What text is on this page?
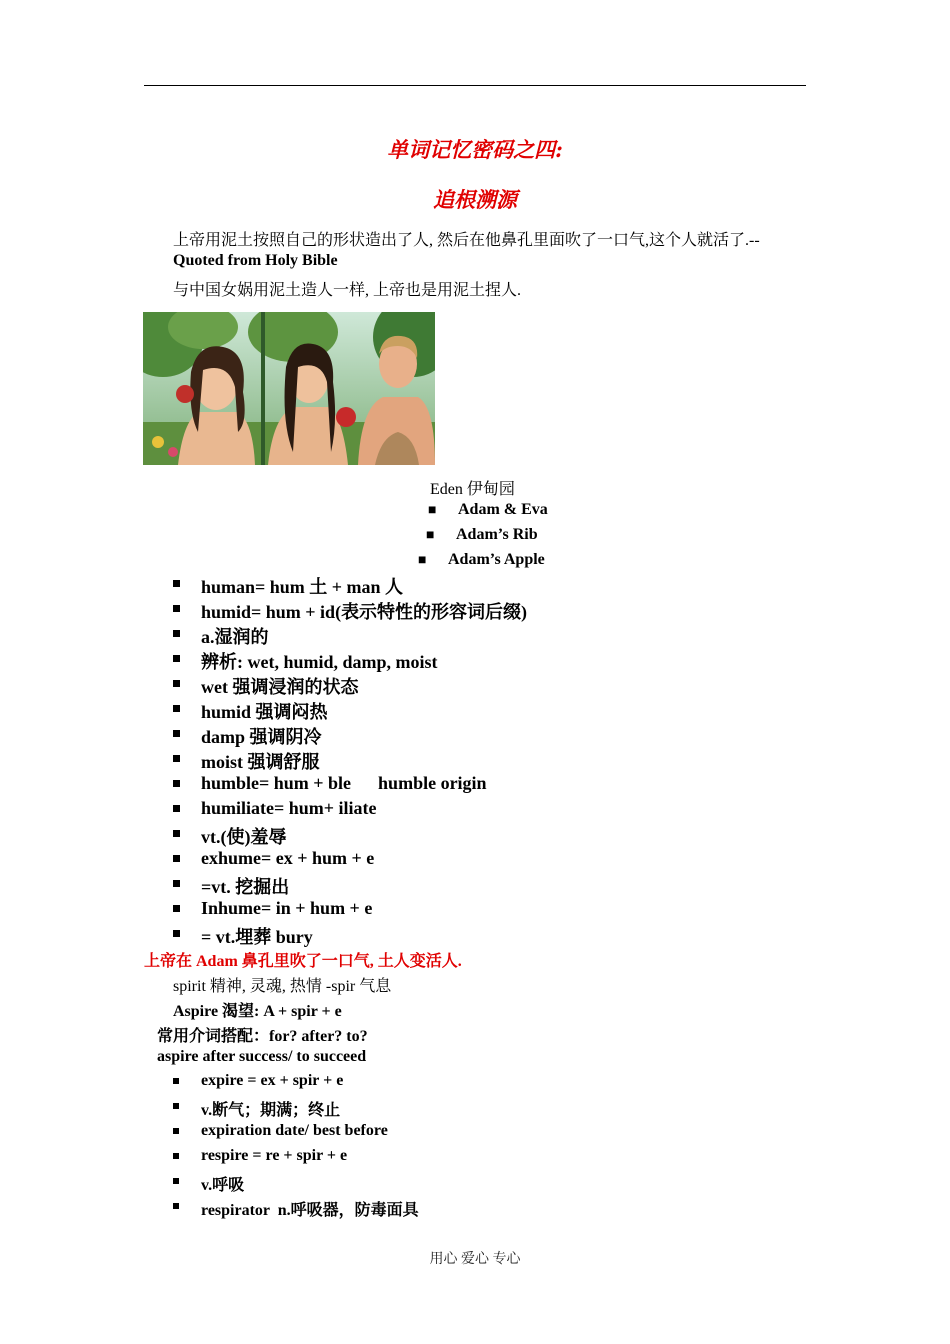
单词记忆密码之四:
追根溯源
上帝用泥土按照自己的形状造出了人, 然后在他鼻孔里面吹了一口气,这个人就活了.--
Quoted from Holy Bible
与中国女娲用泥土造人一样, 上帝也是用泥土捏人.
Eden 伊甸园
■ Adam & Eva
■ Adam’s Rib
■ Adam’s Apple
human= hum 土 + man 人
humid= hum + id(表示特性的形容词后缀)
a.湿润的
辨析: wet, humid, damp, moist
wet 强调浸润的状态
humid 强调闷热
damp 强调阴冷
moist 强调舒服
humble= hum + ble      humble origin
humiliate= hum+ iliate
vt.(使)羞辱
exhume= ex + hum + e
=vt. 挖掘出
Inhume= in + hum + e
= vt.埋葬 bury
上帝在 Adam 鼻孔里吹了一口气, 土人变活人.
spirit 精神, 灵魂, 热情 -spir 气息
Aspire 渴望: A + spir + e
常用介词搭配：for? after? to?
aspire after success/ to succeed
expire = ex + spir + e
v.断气；期满；终止
expiration date/ best before
respire = re + spir + e
v.呼吸
respirator  n.呼吸器，防毒面具
用心 爱心 专心
